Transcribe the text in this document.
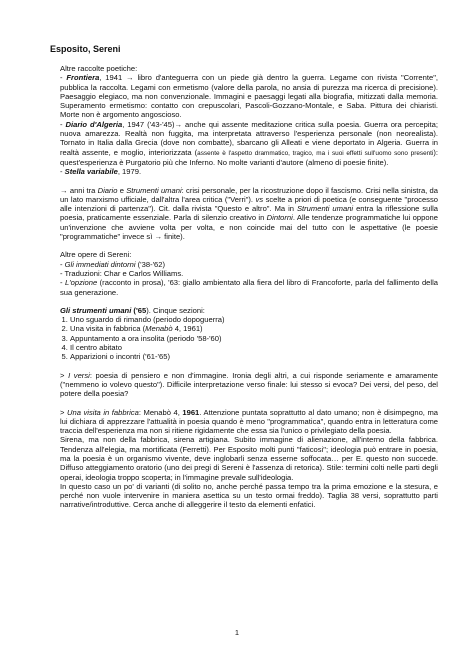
Esposito, Sereni
Altre raccolte poetiche:
- Frontiera, 1941 → libro d'anteguerra con un piede già dentro la guerra. Legame con rivista "Corrente", pubblica la raccolta. Legami con ermetismo (valore della parola, no ansia di purezza ma ricerca di precisione). Paesaggio elegiaco, ma non convenzionale. Immagini e paesaggi legati alla biografia, mitizzati dalla memoria. Superamento ermetismo: contatto con crepuscolari, Pascoli-Gozzano-Montale, e Saba. Pittura dei chiaristi. Morte non è argomento angoscioso.
- Diario d'Algeria, 1947 ('43-'45)→ anche qui assente meditazione critica sulla poesia. Guerra ora percepita; nuova amarezza. Realtà non fuggita, ma interpretata attraverso l'esperienza personale (non neorealista). Tornato in Italia dalla Grecia (dove non combatte), sbarcano gli Alleati e viene deportato in Algeria. Guerra in realtà assente, e moglio, interiorizzata (assente è l'aspetto drammatico, tragico, ma i suoi effetti sull'uomo sono presenti): quest'esperienza è Purgatorio più che Inferno. No molte varianti d'autore (almeno di poesie finite).
- Stella variabile, 1979.

→ anni tra Diario e Strumenti umani: crisi personale, per la ricostruzione dopo il fascismo. Crisi nella sinistra, da un lato marxismo ufficiale, dall'altra l'area critica ("Verri"). vs scelte a priori di poetica (e conseguente "processo alle intenzioni di partenza"). Cit. dalla rivista "Questo e altro". Ma in Strumenti umani entra la riflessione sulla poesia, praticamente essenziale. Parla di silenzio creativo in Dintorni. Alle tendenze programmatiche lui oppone un'invenzione che avviene volta per volta, e non coincide mai del tutto con le aspettative (le poesie "programmatiche" invece sì → finite).

Altre opere di Sereni:
- Gli immediati dintorni ('38-'62)
- Traduzioni: Char e Carlos Williams.
- L'opzione (racconto in prosa), '63: giallo ambientato alla fiera del libro di Francoforte, parla del fallimento della sua generazione.
Gli strumenti umani ('65). Cinque sezioni:
1. Uno sguardo di rimando (periodo dopoguerra)
2. Una visita in fabbrica (Menabò 4, 1961)
3. Appuntamento a ora insolita (periodo '58-'60)
4. Il centro abitato
5. Apparizioni o incontri ('61-'65)

> I versi: poesia di pensiero e non d'immagine. Ironia degli altri, a cui risponde seriamente e amaramente ("nemmeno io volevo questo"). Difficile interpretazione verso finale: lui stesso si evoca? Dei versi, del peso, del potere della poesia?

> Una visita in fabbrica: Menabò 4, 1961. Attenzione puntata soprattutto al dato umano; non è disimpegno, ma lui dichiara di apprezzare l'attualità in poesia quando è meno "programmatica", quando entra in letteratura come traccia dell'esperienza ma non si ritiene rigidamente che essa sia l'unico o privilegiato della poesia.

Sirena, ma non della fabbrica, sirena artigiana. Subito immagine di alienazione, all'interno della fabbrica. Tendenza all'elegia, ma mortificata (Ferretti). Per Esposito molti punti "faticosi"; ideologia può entrare in poesia, ma la poesia è un organismo vivente, deve inglobarli senza esserne soffocata… per E. questo non succede. Diffuso atteggiamento oratorio (uno dei pregi di Sereni è l'assenza di retorica). Stile: termini colti nelle parti degli operai, ideologia troppo scoperta; in l'immagine prevale sull'ideologia.

In questo caso un po' di varianti (di solito no, anche perché passa tempo tra la prima emozione e la stesura, e perché non vuole intervenire in maniera asettica su un testo ormai freddo). Taglia 38 versi, soprattutto parti narrative/introduttive. Cerca anche di alleggerire il testo da elementi enfatici.

1
